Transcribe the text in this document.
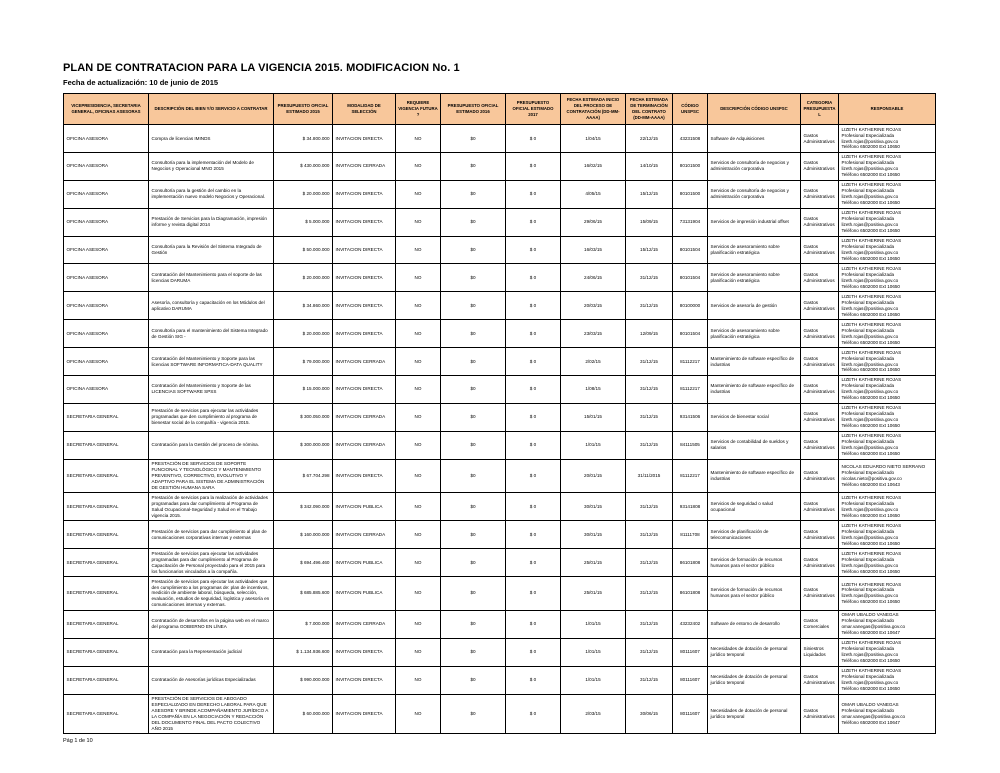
PLAN DE CONTRATACION PARA LA VIGENCIA 2015. MODIFICACION No. 1
Fecha de actualización: 10 de junio de 2015
VICEPRESIDENCIA, SECRETARIA GENERAL, OFICINAS ASESORAS	DESCRIPCIÓN DEL BIEN Y/O SERVICIO A CONTRATAR	PRESUPUESTO OFICIAL ESTIMADO 2015	MODALIDAD DE SELECCIÓN	REQUIERE VIGENCIA FUTURA ?	PRESUPUESTO OFICIAL ESTIMADO 2016	PRESUPUESTO OFICIAL ESTIMADO 2017	FECHA ESTIMADA INICIO DEL PROCESO DE CONTRATACIÓN (DD-MM-AAAA)	FECHA ESTIMADA DE TERMINACIÓN DEL CONTRATO (DD-MM-AAAA)	CÓDIGO UNSPSC	DESCRIPCIÓN CÓDIGO UNSPSC	CATEGORIA PRESUPUESTAL	RESPONSABLE
OFICINA ASESORA	Compra de licencias IMINDS	$ 34.800.000	INVITACION DIRECTA	NO	$0	$ 0	1/04/15	22/12/15	43231508	Software de Adquisiciones	Gastos Administrativos	LIZETH KATHERINE ROJAS
Profesional Especializada
lizeth.rojas@positiva.gov.co
Teléfono 6502000 Ext 10650
OFICINA ASESORA	Consultoría para la implementación del Modelo de Negocios y Operacional MNO 2015	$ 430.000.000	INVITACION CERRADA	NO	$0	$ 0	16/02/15	14/10/15	80101500	Servicios de consultoría de negocios y administración corporativa	Gastos Administrativos	LIZETH KATHERINE ROJAS
Profesional Especializada
lizeth.rojas@positiva.gov.co
Teléfono 6502000 Ext 10650
OFICINA ASESORA	Consultoría para la gestión del cambio en la implementación nuevo modelo Negocios y Operacional.	$ 20.000.000	INVITACION DIRECTA	NO	$0	$ 0	4/05/15	15/12/15	80101500	Servicios de consultoría de negocios y administración corporativa	Gastos Administrativos	LIZETH KATHERINE ROJAS
Profesional Especializada
lizeth.rojas@positiva.gov.co
Teléfono 6502000 Ext 10650
OFICINA ASESORA	Prestación de Servicios para la Diagramación, impresión informe y revista digital 2014	$ 5.000.000	INVITACION DIRECTA	NO	$0	$ 0	29/06/15	15/09/15	73131904	Servicios de impresión industrial offset	Gastos Administrativos	LIZETH KATHERINE ROJAS
Profesional Especializada
lizeth.rojas@positiva.gov.co
Teléfono 6502000 Ext 10650
OFICINA ASESORA	Consultoría para la Revisión del Sistema Integrado de Gestión	$ 50.000.000	INVITACION DIRECTA	NO	$0	$ 0	16/03/15	15/12/15	80101504	Servicios de asesoramiento sobre planificación estratégica	Gastos Administrativos	LIZETH KATHERINE ROJAS
Profesional Especializada
lizeth.rojas@positiva.gov.co
Teléfono 6502000 Ext 10650
OFICINA ASESORA	Contratación del Mantenimiento para el soporte de las licencias DARUMA	$ 20.000.000	INVITACION DIRECTA	NO	$0	$ 0	24/06/15	31/12/15	80101504	Servicios de asesoramiento sobre planificación estratégica	Gastos Administrativos	LIZETH KATHERINE ROJAS
Profesional Especializada
lizeth.rojas@positiva.gov.co
Teléfono 6502000 Ext 10650
OFICINA ASESORA	Asesoría, consultoría y capacitación en los Módulos del aplicativo DARUMA	$ 34.860.000	INVITACION DIRECTA	NO	$0	$ 0	20/03/15	31/12/15	80100000	Servicios de asesoría de gestión	Gastos Administrativos	LIZETH KATHERINE ROJAS
Profesional Especializada
lizeth.rojas@positiva.gov.co
Teléfono 6502000 Ext 10650
OFICINA ASESORA	Consultoría para el mantenimiento del Sistema Integrado de Gestión SIG -	$ 20.000.000	INVITACION DIRECTA	NO	$0	$ 0	23/03/15	12/09/15	80101504	Servicios de asesoramiento sobre planificación estratégica	Gastos Administrativos	LIZETH KATHERINE ROJAS
Profesional Especializada
lizeth.rojas@positiva.gov.co
Teléfono 6502000 Ext 10650
OFICINA ASESORA	Contratación del Mantenimiento y Soporte para las licencias SOFTWARE INFORMATICA-DATA QUALITY	$ 79.000.000	INVITACION CERRADA	NO	$0	$ 0	2/02/15	31/12/15	81112217	Mantenimiento de software específico de industrias	Gastos Administrativos	LIZETH KATHERINE ROJAS
Profesional Especializada
lizeth.rojas@positiva.gov.co
Teléfono 6502000 Ext 10650
OFICINA ASESORA	Contratación del Mantenimiento y Soporte de las LICENCIAS SOFTWARE SPSS	$ 15.000.000	INVITACION DIRECTA	NO	$0	$ 0	1/08/15	31/12/15	81112217	Mantenimiento de software específico de industrias	Gastos Administrativos	LIZETH KATHERINE ROJAS
Profesional Especializada
lizeth.rojas@positiva.gov.co
Teléfono 6502000 Ext 10650
SECRETARIA GENERAL	Prestación de servicios para ejecutar las actividades programadas que den cumplimiento al programa de bienestar social de la compañía - vigencia 2015.	$ 300.050.000	INVITACION CERRADA	NO	$0	$ 0	15/01/15	31/12/15	93141506	Servicios de bienestar social	Gastos Administrativos	LIZETH KATHERINE ROJAS
Profesional Especializada
lizeth.rojas@positiva.gov.co
Teléfono 6502000 Ext 10650
SECRETARIA GENERAL	Contratación para la Gestión del proceso de nómina.	$ 300.000.000	INVITACION CERRADA	NO	$0	$ 0	1/01/15	31/12/15	84111505	Servicios de contabilidad de sueldos y salarios	Gastos Administrativos	LIZETH KATHERINE ROJAS
Profesional Especializada
lizeth.rojas@positiva.gov.co
Teléfono 6502000 Ext 10650
SECRETARIA GENERAL	PRESTACIÓN DE SERVICIOS DE SOPORTE FUNCIONAL Y TECNOLÓGICO Y MANTENIMIENTO PREVENTIVO, CORRECTIVO, EVOLUTIVO Y ADAPTIVO PARA EL SISTEMA DE ADMINISTRACIÓN DE GESTIÓN HUMANA SARA	$ 67.704.298	INVITACION DIRECTA	NO	$0	$ 0	20/01/15	31/11/2015	81112217	Mantenimiento de software específico de industrias	Gastos Administrativos	NICOLAS EDUARDO NIETO SERRANO
Profesional Especializado
nicolas.nieto@positiva.gov.co
Teléfono 6502000 Ext 10643
SECRETARIA GENERAL	Prestación de servicios para la realización de actividades programadas para dar cumplimiento al Programa de Salud Ocupacional-Seguridad y Salud en el Trabajo vigencia 2015.	$ 342.090.000	INVITACION PUBLICA	NO	$0	$ 0	30/01/15	31/12/15	93141808	Servicios de seguridad o salud ocupacional	Gastos Administrativos	LIZETH KATHERINE ROJAS
Profesional Especializada
lizeth.rojas@positiva.gov.co
Teléfono 6502000 Ext 10650
SECRETARIA GENERAL	Prestación de servicios para dar cumplimiento al plan de comunicaciones corporativas internas y externas	$ 160.000.000	INVITACION CERRADA	NO	$0	$ 0	30/01/15	31/12/15	81111708	Servicios de planificación de telecomunicaciones	Gastos Administrativos	LIZETH KATHERINE ROJAS
Profesional Especializada
lizeth.rojas@positiva.gov.co
Teléfono 6502000 Ext 10650
SECRETARIA GENERAL	Prestación de servicios para ejecutar las actividades programadas para dar cumplimiento al Programa de Capacitación de Personal proyectado para el 2015 para los funcionarios vinculados a la compañía.	$ 694.496.460	INVITACION PUBLICA	NO	$0	$ 0	25/01/15	31/12/15	86101808	Servicios de formación de recursos humanos para el sector público	Gastos Administrativos	LIZETH KATHERINE ROJAS
Profesional Especializada
lizeth.rojas@positiva.gov.co
Teléfono 6502000 Ext 10650
SECRETARIA GENERAL	Prestación de servicios para ejecutar las actividades que den cumplimiento a los programas de: plan de incentivos, medición de ambiente laboral, búsqueda, selección, evaluación, estudios de seguridad, logística y asesoría en comunicaciones internas y externas.	$ 685.885.600	INVITACION PUBLICA	NO	$0	$ 0	25/01/15	31/12/15	86101808	Servicios de formación de recursos humanos para el sector público	Gastos Administrativos	LIZETH KATHERINE ROJAS
Profesional Especializada
lizeth.rojas@positiva.gov.co
Teléfono 6502000 Ext 10650
SECRETARIA GENERAL	Contratación de desarrollos en la página web en el marco del programa GOBIERNO EN LÍNEA	$ 7.000.000	INVITACION CERRADA	NO	$0	$ 0	1/01/15	31/12/15	43232402	Software de entorno de desarrollo	Gastos Comerciales	OMAR UBALDO VANEGAS
Profesional Especializado
omar.vanegas@positiva.gov.co
Teléfono 6502000 Ext 10647
SECRETARIA GENERAL	Contratación para la Representación judicial	$ 1.134.936.600	INVITACION DIRECTA	NO	$0	$ 0	1/01/15	31/12/15	80111607	Necesidades de dotación de personal jurídico temporal	Siniestros Liquidados	LIZETH KATHERINE ROJAS
Profesional Especializada
lizeth.rojas@positiva.gov.co
Teléfono 6502000 Ext 10650
SECRETARIA GENERAL	Contratación de Asesorías jurídicas Especializadas	$ 990.000.000	INVITACION DIRECTA	NO	$0	$ 0	1/01/15	31/12/15	80111607	Necesidades de dotación de personal jurídico temporal	Gastos Administrativos	LIZETH KATHERINE ROJAS
Profesional Especializada
lizeth.rojas@positiva.gov.co
Teléfono 6502000 Ext 10650
SECRETARIA GENERAL	PRESTACIÓN DE SERVICIOS DE ABOGADO ESPECIALIZADO EN DERECHO LABORAL PARA QUE ASESORE Y BRINDE ACOMPAÑAMIENTO JURÍDICO A LA COMPAÑÍA EN LA NEGOCIACIÓN Y REDACCIÓN DEL DOCUMENTO FINAL DEL PACTO COLECTIVO AÑO 2015	$ 60.000.000	INVITACION DIRECTA	NO	$0	$ 0	2/03/15	30/06/15	80111607	Necesidades de dotación de personal jurídico temporal	Gastos Administrativos	OMAR UBALDO VANEGAS
Profesional Especializado
omar.vanegas@positiva.gov.co
Teléfono 6502000 Ext 10647
Pág 1 de 10
